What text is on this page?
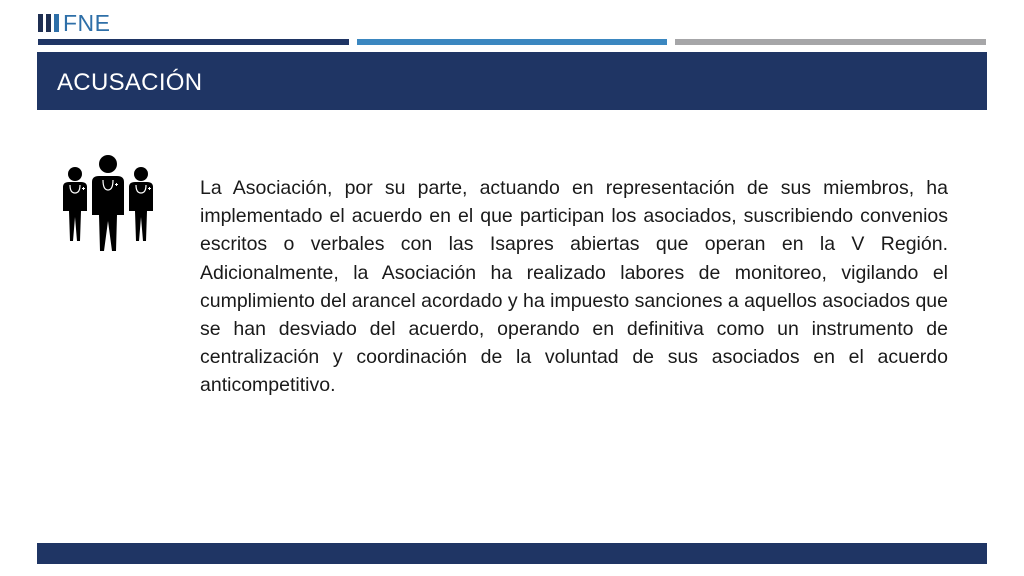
FNE
ACUSACIÓN

La Asociación, por su parte, actuando en representación de sus miembros, ha implementado el acuerdo en el que participan los asociados, suscribiendo convenios escritos o verbales con las Isapres abiertas que operan en la V Región. Adicionalmente, la Asociación ha realizado labores de monitoreo, vigilando el cumplimiento del arancel acordado y ha impuesto sanciones a aquellos asociados que se han desviado del acuerdo, operando en definitiva como un instrumento de centralización y coordinación de la voluntad de sus asociados en el acuerdo anticompetitivo.
